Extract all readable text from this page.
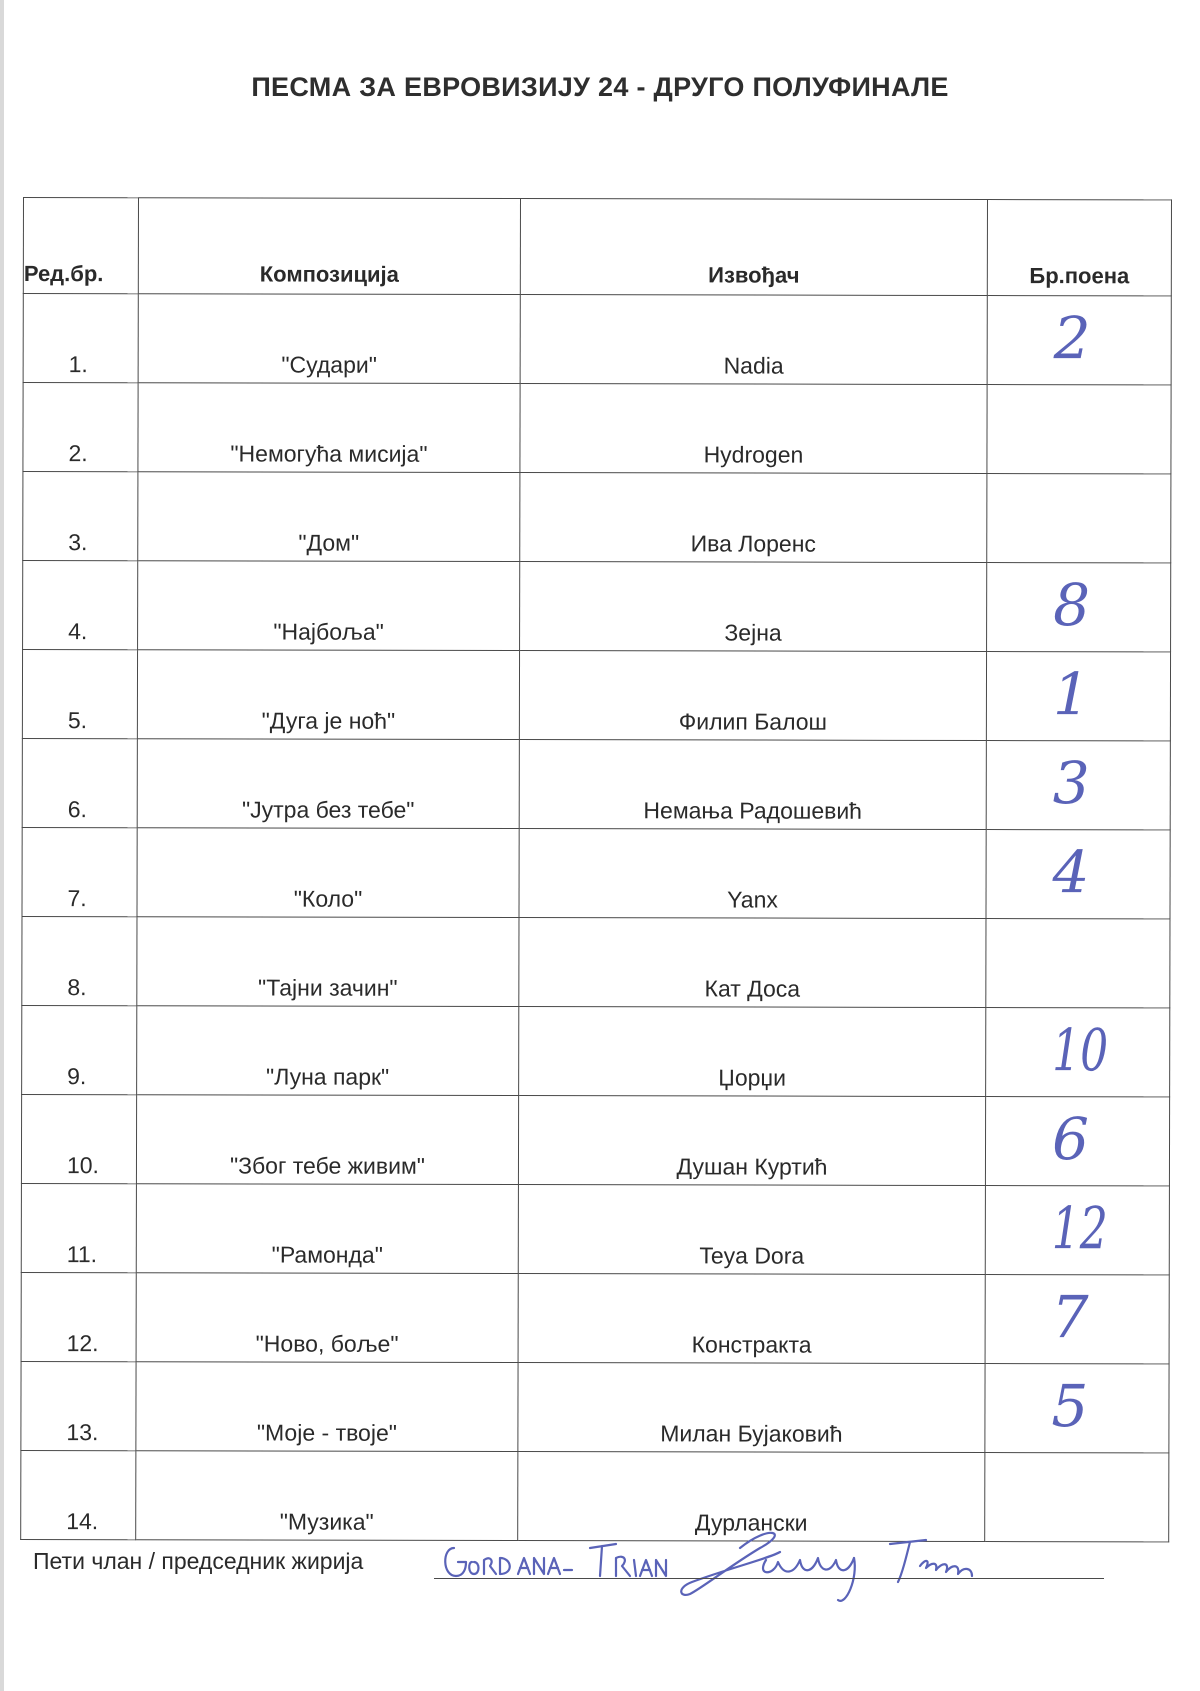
ПЕСМА ЗА ЕВРОВИЗИЈУ 24 - ДРУГО ПОЛУФИНАЛЕ
Ред.бр.	Композиција	Извођач	Бр.поена
1.	"Судари"	Nadia	2

2.	"Немогућа мисија"	Hydrogen	

3.	"Дом"	Ива Лоренс	

4.	"Најбоља"	Зејна	8

5.	"Дуга је ноћ"	Филип Балош	1

6.	"Јутра без тебе"	Немања Радошевић	3

7.	"Коло"	Yanx	4

8.	"Тајни зачин"	Кат Доса	

9.	"Луна парк"	Џорџи	10

10.	"Због тебе живим"	Душан Куртић	6

11.	"Рамонда"	Teya Dora	12

12.	"Ново, боље"	Констракта	7

13.	"Моје - твоје"	Милан Бујаковић	5

14.	"Музика"	Дурлански	
Пети члан / председник жирија
